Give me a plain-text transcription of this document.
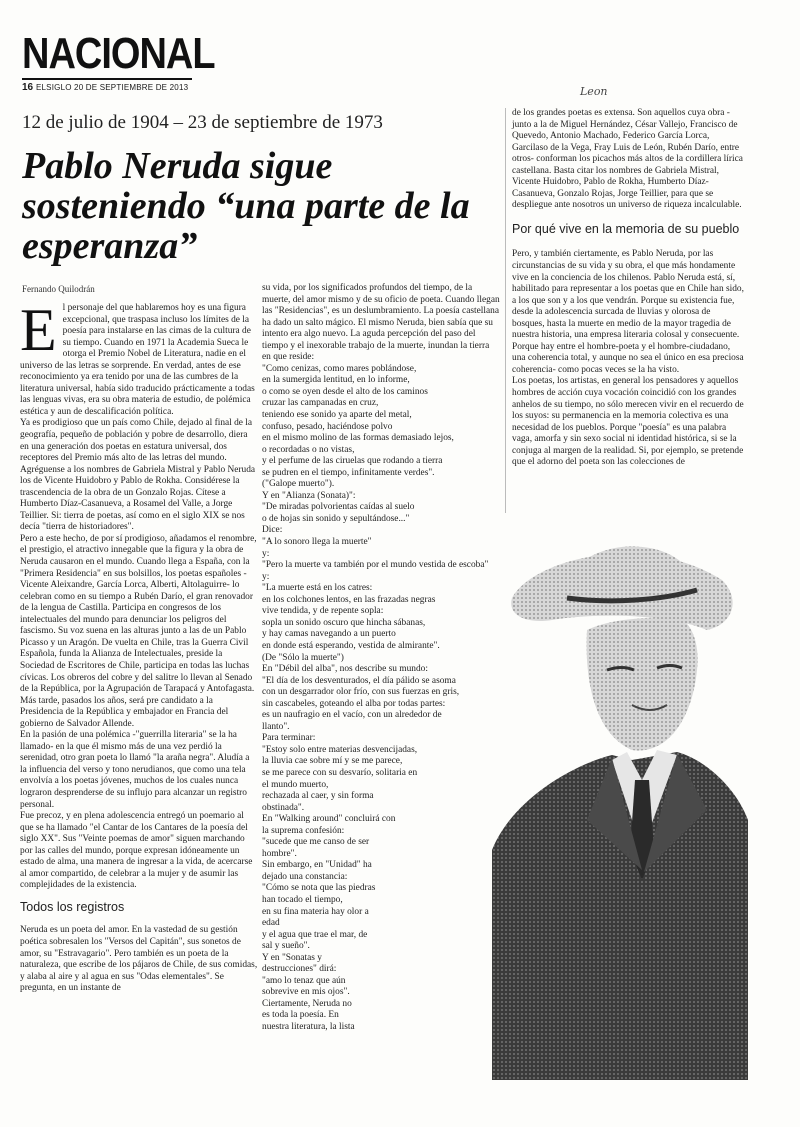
NACIONAL
16 ELSIGLO 20 DE SEPTIEMBRE DE 2013	Leon
12 de julio de 1904 – 23 de septiembre de 1973
Pablo Neruda sigue sosteniendo “una parte de la esperanza”
Fernando Quilodrán
E l personaje del que hablaremos hoy es una figura excepcional, que traspasa incluso los límites de la poesía para instalarse en las cimas de la cultura de su tiempo. Cuando en 1971 la Academia Sueca le otorga el Premio Nobel de Literatura, nadie en el universo de las letras se sorprende. En verdad, antes de ese reconocimiento ya era tenido por una de las cumbres de la literatura universal, había sido traducido prácticamente a todas las lenguas vivas, era su obra materia de estudio, de polémica estética y aun de descalificación política.
Ya es prodigioso que un país como Chile, dejado al final de la geografía, pequeño de población y pobre de desarrollo, diera en una generación dos poetas en estatura universal, dos receptores del Premio más alto de las letras del mundo. Agréguense a los nombres de Gabriela Mistral y Pablo Neruda los de Vicente Huidobro y Pablo de Rokha. Considérese la trascendencia de la obra de un Gonzalo Rojas. Cítese a Humberto Díaz-Casanueva, a Rosamel del Valle, a Jorge Teillier. Si: tierra de poetas, así como en el siglo XIX se nos decía "tierra de historiadores".
Pero a este hecho, de por sí prodigioso, añadamos el renombre, el prestigio, el atractivo innegable que la figura y la obra de Neruda causaron en el mundo. Cuando llega a España, con la "Primera Residencia" en sus bolsillos, los poetas españoles -Vicente Aleixandre, García Lorca, Alberti, Altolaguirre- lo celebran como en su tiempo a Rubén Darío, el gran renovador de la lengua de Castilla. Participa en congresos de los intelectuales del mundo para denunciar los peligros del fascismo. Su voz suena en las alturas junto a las de un Pablo Picasso y un Aragón. De vuelta en Chile, tras la Guerra Civil Española, funda la Alianza de Intelectuales, preside la Sociedad de Escritores de Chile, participa en todas las luchas cívicas. Los obreros del cobre y del salitre lo llevan al Senado de la República, por la Agrupación de Tarapacá y Antofagasta. Más tarde, pasados los años, será pre candidato a la Presidencia de la República y embajador en Francia del gobierno de Salvador Allende.
En la pasión de una polémica -"guerrilla literaria" se la ha llamado- en la que él mismo más de una vez perdió la serenidad, otro gran poeta lo llamó "la araña negra". Aludía a la influencia del verso y tono nerudianos, que como una tela envolvía a los poetas jóvenes, muchos de los cuales nunca lograron desprenderse de su influjo para alcanzar un registro personal.
Fue precoz, y en plena adolescencia entregó un poemario al que se ha llamado "el Cantar de los Cantares de la poesía del siglo XX". Sus "Veinte poemas de amor" siguen marchando por las calles del mundo, porque expresan idóneamente un estado de alma, una manera de ingresar a la vida, de acercarse al amor compartido, de celebrar a la mujer y de asumir las complejidades de la existencia.

Todos los registros

Neruda es un poeta del amor. En la vastedad de su gestión poética sobresalen los "Versos del Capitán", sus sonetos de amor, su "Estravagario". Pero también es un poeta de la naturaleza, que escribe de los pájaros de Chile, de sus comidas, y alaba al aire y al agua en sus "Odas elementales". Se pregunta, en un instante de

su vida, por los significados profundos del tiempo, de la muerte, del amor mismo y de su oficio de poeta. Cuando llegan las "Residencias", es un deslumbramiento. La poesía castellana ha dado un salto mágico. El mismo Neruda, bien sabía que su intento era algo nuevo. La aguda percepción del paso del tiempo y el inexorable trabajo de la muerte, inundan la tierra en que reside:
"Como cenizas, como mares poblándose,
en la sumergida lentitud, en lo informe,
o como se oyen desde el alto de los caminos
cruzar las campanadas en cruz,
teniendo ese sonido ya aparte del metal,
confuso, pesado, haciéndose polvo
en el mismo molino de las formas demasiado lejos,
o recordadas o no vistas,
y el perfume de las ciruelas que rodando a tierra
se pudren en el tiempo, infinitamente verdes".
("Galope muerto").
Y en "Alianza (Sonata)":
"De miradas polvorientas caídas al suelo
o de hojas sin sonido y sepultándose..."
Dice:
"A lo sonoro llega la muerte"
y:
"Pero la muerte va también por el mundo vestida de escoba"
y:
"La muerte está en los catres:
en los colchones lentos, en las frazadas negras
vive tendida, y de repente sopla:
sopla un sonido oscuro que hincha sábanas,
y hay camas navegando a un puerto
en donde está esperando, vestida de almirante".
(De "Sólo la muerte")
En "Débil del alba", nos describe su mundo:
"El día de los desventurados, el día pálido se asoma
con un desgarrador olor frío, con sus fuerzas en gris,
sin cascabeles, goteando el alba por todas partes:
es un naufragio en el vacío, con un alrededor de
llanto".
Para terminar:
"Estoy solo entre materias desvencijadas,
la lluvia cae sobre mí y se me parece,
se me parece con su desvarío, solitaria en
el mundo muerto,
rechazada al caer, y sin forma
obstinada".
En "Walking around" concluirá con
la suprema confesión:
"sucede que me canso de ser
hombre".
Sin embargo, en "Unidad" ha
dejado una constancia:
"Cómo se nota que las piedras
han tocado el tiempo,
en su fina materia hay olor a
edad
y el agua que trae el mar, de
sal y sueño".
Y en "Sonatas y
destrucciones" dirá:
"amo lo tenaz que aún
sobrevive en mis ojos".
Ciertamente, Neruda no
es toda la poesía. En
nuestra literatura, la lista

de los grandes poetas es extensa. Son aquellos cuya obra -junto a la de Miguel Hernández, César Vallejo, Francisco de Quevedo, Antonio Machado, Federico García Lorca, Garcilaso de la Vega, Fray Luis de León, Rubén Darío, entre otros- conforman los picachos más altos de la cordillera lírica castellana. Basta citar los nombres de Gabriela Mistral, Vicente Huidobro, Pablo de Rokha, Humberto Díaz-Casanueva, Gonzalo Rojas, Jorge Teillier, para que se despliegue ante nosotros un universo de riqueza incalculable.

Por qué vive en la memoria de su pueblo

Pero, y también ciertamente, es Pablo Neruda, por las circunstancias de su vida y su obra, el que más hondamente vive en la conciencia de los chilenos. Pablo Neruda está, sí, habilitado para representar a los poetas que en Chile han sido, a los que son y a los que vendrán. Porque su existencia fue, desde la adolescencia surcada de lluvias y olorosa de bosques, hasta la muerte en medio de la mayor tragedia de nuestra historia, una empresa literaria colosal y consecuente. Porque hay entre el hombre-poeta y el hombre-ciudadano, una coherencia total, y aunque no sea el único en esa preciosa coherencia- como pocas veces se la ha visto.
Los poetas, los artistas, en general los pensadores y aquellos hombres de acción cuya vocación coincidió con los grandes anhelos de su tiempo, no sólo merecen vivir en el recuerdo de los suyos: su permanencia en la memoria colectiva es una necesidad de los pueblos. Porque "poesía" es una palabra vaga, amorfa y sin sexo social ni identidad histórica, si se la conjuga al margen de la realidad. Si, por ejemplo, se pretende que el adorno del poeta son las colecciones de
